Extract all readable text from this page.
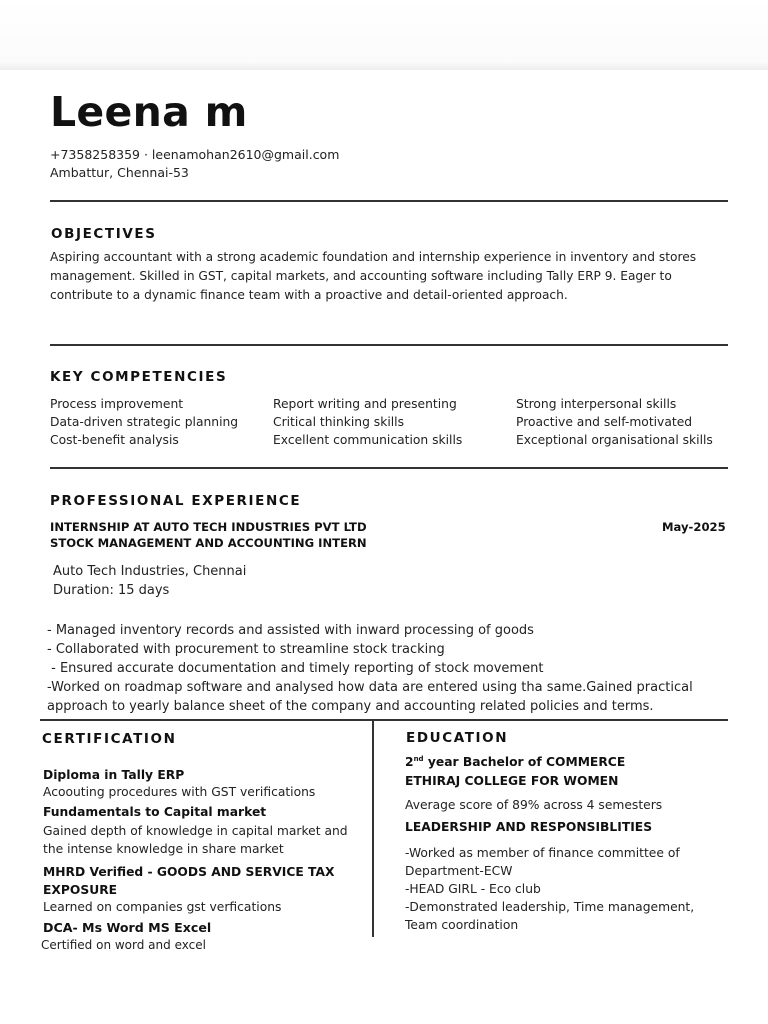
Leena m
+7358258359 · leenamohan2610@gmail.com
Ambattur, Chennai-53
OBJECTIVES
Aspiring accountant with a strong academic foundation and internship experience in inventory and stores
management. Skilled in GST, capital markets, and accounting software including Tally ERP 9. Eager to
contribute to a dynamic finance team with a proactive and detail-oriented approach.
KEY COMPETENCIES
Process improvement
Data-driven strategic planning
Cost-benefit analysis
Report writing and presenting
Critical thinking skills
Excellent communication skills
Strong interpersonal skills
Proactive and self-motivated
Exceptional organisational skills
PROFESSIONAL EXPERIENCE
INTERNSHIP AT AUTO TECH INDUSTRIES PVT LTD
STOCK MANAGEMENT AND ACCOUNTING INTERN
May-2025
Auto Tech Industries, Chennai
Duration: 15 days
- Managed inventory records and assisted with inward processing of goods
- Collaborated with procurement to streamline stock tracking
- Ensured accurate documentation and timely reporting of stock movement
-Worked on roadmap software and analysed how data are entered using tha same.Gained practical
approach to yearly balance sheet of the company and accounting related policies and terms.
CERTIFICATION
Diploma in Tally ERP
Acoouting procedures with GST verifications
Fundamentals to Capital market
Gained depth of knowledge in capital market and
the intense knowledge in share market
MHRD Verified - GOODS AND SERVICE TAX
EXPOSURE
Learned on companies gst verfications
DCA- Ms Word MS Excel
Certified on word and excel
EDUCATION
2nd year Bachelor of COMMERCE
ETHIRAJ COLLEGE FOR WOMEN
Average score of 89% across 4 semesters
LEADERSHIP AND RESPONSIBLITIES
-Worked as member of finance committee of
Department-ECW
-HEAD GIRL - Eco club
-Demonstrated leadership, Time management,
Team coordination
